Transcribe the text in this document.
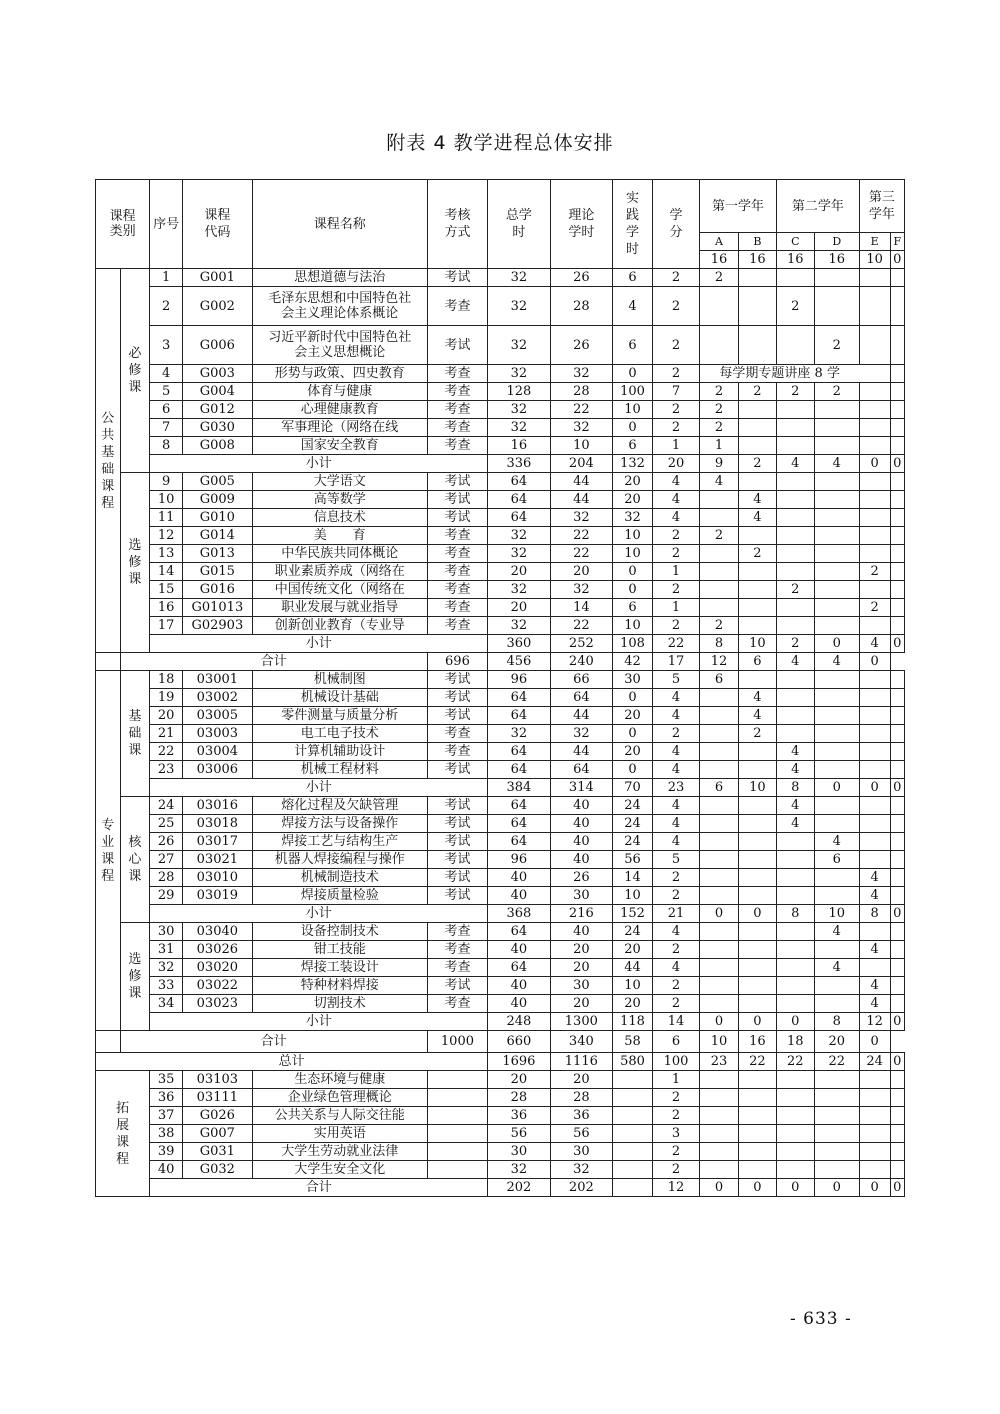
附表 4 教学进程总体安排
课程类别		序号	课程代码	课程名称	考核方式	总学时	理论学时	实践学时	学分	第一学年		第二学年		第三学年	
										A	B	C	D	E	F
										16	16	16	16	10	0
公共基础课程	必修课	1	G001	思想道德与法治	考试	32	26	6	2	2					
		2	G002	毛泽东思想和中国特色社会主义理论体系概论	考查	32	28	4	2			2			
		3	G006	习近平新时代中国特色社会主义思想概论	考试	32	26	6	2				2		
		4	G003	形势与政策、四史教育	考查	32	32	0	2	每学期专题讲座 8 学					
		5	G004	体育与健康	考查	128	28	100	7	2	2	2	2		
		6	G012	心理健康教育	考查	32	22	10	2	2					
		7	G030	军事理论（网络在线	考查	32	32	0	2	2					
		8	G008	国家安全教育	考查	16	10	6	1	1					
		小计				336	204	132	20	9	2	4	4	0	0
	选修课	9	G005	大学语文	考试	64	44	20	4	4					
		10	G009	高等数学	考试	64	44	20	4		4				
		11	G010	信息技术	考试	64	32	32	4		4				
		12	G014	美　　育	考查	32	22	10	2	2					
		13	G013	中华民族共同体概论	考查	32	22	10	2		2				
		14	G015	职业素质养成（网络在	考查	20	20	0	1					2	
		15	G016	中国传统文化（网络在	考查	32	32	0	2			2			
		16	G01013	职业发展与就业指导	考查	20	14	6	1					2	
		17	G02903	创新创业教育（专业导	考查	32	22	10	2	2					
		小计				360	252	108	22	8	10	2	0	4	0
	合计				696	456	240	42	17	12	6	4	4	0	
专业课程	基础课	18	03001	机械制图	考试	96	66	30	5	6					
		19	03002	机械设计基础	考试	64	64	0	4		4				
		20	03005	零件测量与质量分析	考试	64	44	20	4		4				
		21	03003	电工电子技术	考查	32	32	0	2		2				
		22	03004	计算机辅助设计	考查	64	44	20	4			4			
		23	03006	机械工程材料	考试	64	64	0	4			4			
		小计				384	314	70	23	6	10	8	0	0	0
	核心课	24	03016	熔化过程及欠缺管理	考试	64	40	24	4			4			
		25	03018	焊接方法与设备操作	考试	64	40	24	4			4			
		26	03017	焊接工艺与结构生产	考试	64	40	24	4				4		
		27	03021	机器人焊接编程与操作	考试	96	40	56	5				6		
		28	03010	机械制造技术	考试	40	26	14	2					4	
		29	03019	焊接质量检验	考试	40	30	10	2					4	
		小计				368	216	152	21	0	0	8	10	8	0
	选修课	30	03040	设备控制技术	考查	64	40	24	4				4		
		31	03026	钳工技能	考查	40	20	20	2					4	
		32	03020	焊接工装设计	考查	64	20	44	4				4		
		33	03022	特种材料焊接	考试	40	30	10	2					4	
		34	03023	切割技术	考查	40	20	20	2					4	
		小计				248	1300	118	14	0	0	0	8	12	0
	合计				1000	660	340	58	6	10	16	18	20	0	
总计						1696	1116	580	100	23	22	22	22	24	0
拓展课程		35	03103	生态环境与健康		20	20		1						
		36	03111	企业绿色管理概论		28	28		2						
		37	G026	公共关系与人际交往能		36	36		2						
		38	G007	实用英语		56	56		3						
		39	G031	大学生劳动就业法律		30	30		2						
		40	G032	大学生安全文化		32	32		2						
		合计				202	202		12	0	0	0	0	0	0
- 633 -
